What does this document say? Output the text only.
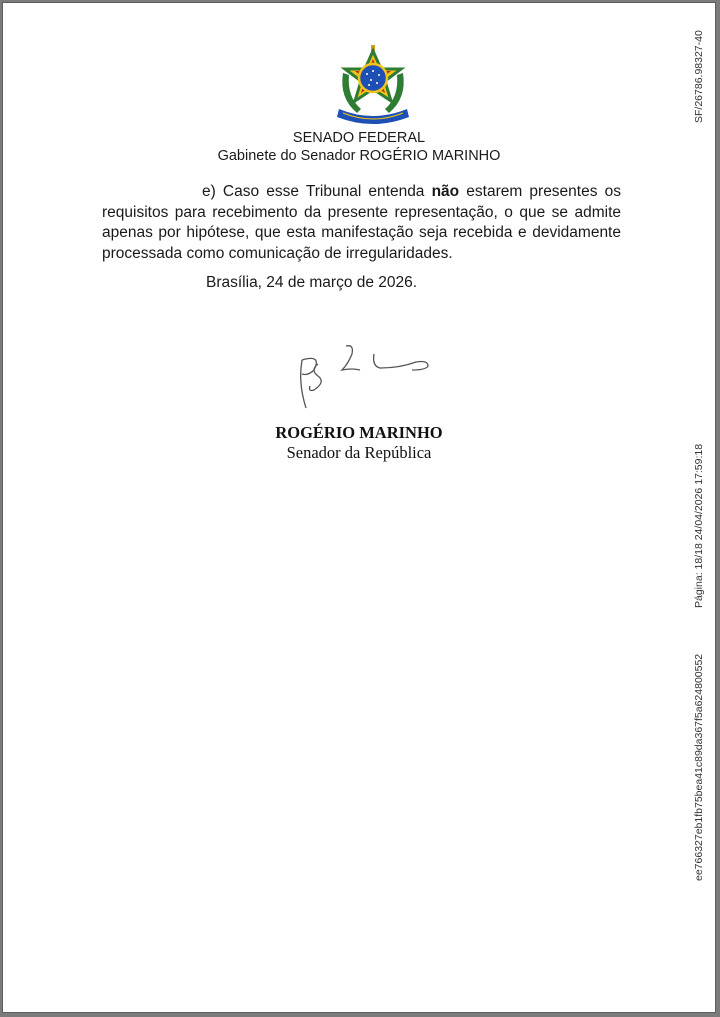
SENADO FEDERAL
Gabinete do Senador ROGÉRIO MARINHO

e) Caso esse Tribunal entenda não estarem presentes os requisitos para recebimento da presente representação, o que se admite apenas por hipótese, que esta manifestação seja recebida e devidamente processada como comunicação de irregularidades.

Brasília, 24 de março de 2026.
ROGÉRIO MARINHO
Senador da República
SF/26786.98327-40
Página: 18/18 24/04/2026 17:59:18
ee766327eb1fb75bea41c89da367f5a624800552
